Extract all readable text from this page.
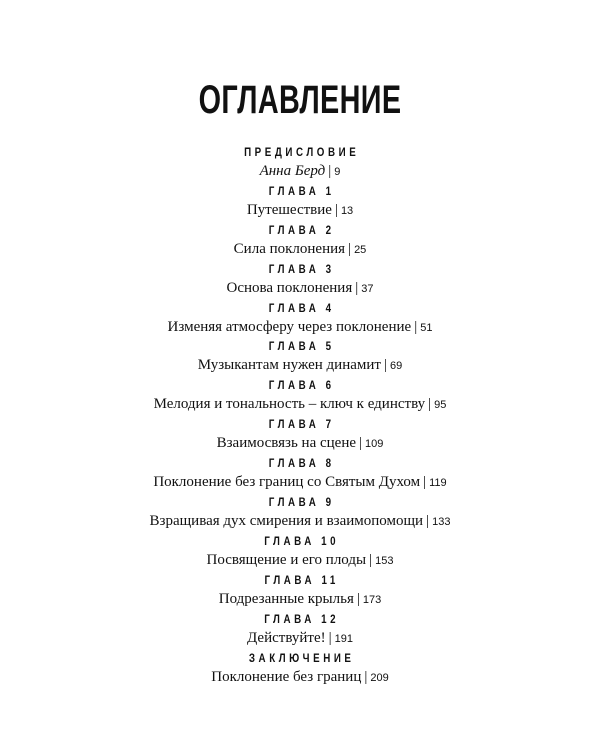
ОГЛАВЛЕНИЕ
ПРЕДИСЛОВИЕ
Анна Берд | 9
ГЛАВА 1
Путешествие | 13
ГЛАВА 2
Сила поклонения | 25
ГЛАВА 3
Основа поклонения | 37
ГЛАВА 4
Изменяя атмосферу через поклонение | 51
ГЛАВА 5
Музыкантам нужен динамит | 69
ГЛАВА 6
Мелодия и тональность – ключ к единству | 95
ГЛАВА 7
Взаимосвязь на сцене | 109
ГЛАВА 8
Поклонение без границ со Святым Духом | 119
ГЛАВА 9
Взращивая дух смирения и взаимопомощи | 133
ГЛАВА 10
Посвящение и его плоды | 153
ГЛАВА 11
Подрезанные крылья | 173
ГЛАВА 12
Действуйте! | 191
ЗАКЛЮЧЕНИЕ
Поклонение без границ | 209
